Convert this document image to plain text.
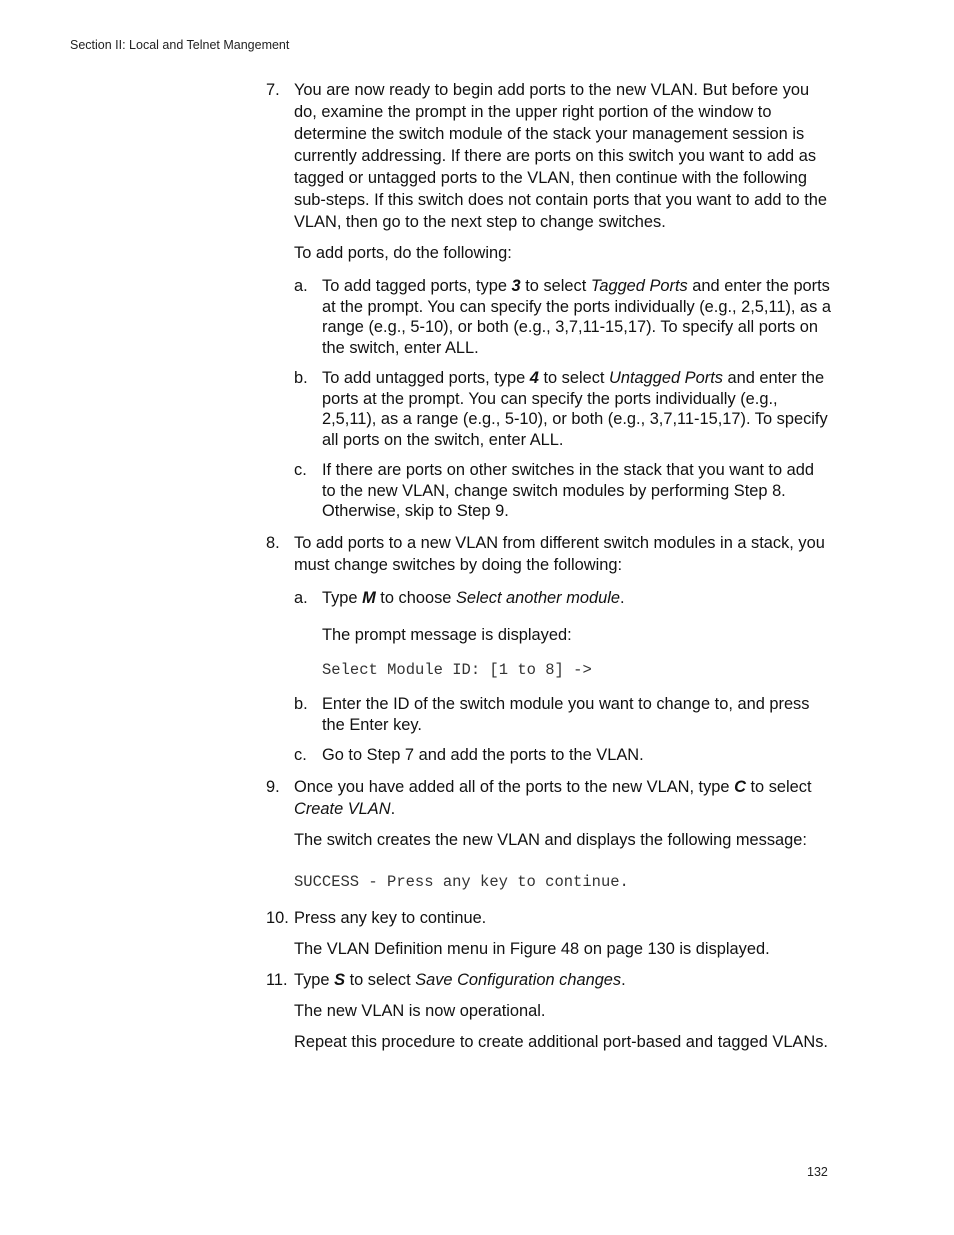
Section II: Local and Telnet Mangement
7. You are now ready to begin add ports to the new VLAN. But before you do, examine the prompt in the upper right portion of the window to determine the switch module of the stack your management session is currently addressing. If there are ports on this switch you want to add as tagged or untagged ports to the VLAN, then continue with the following sub-steps. If this switch does not contain ports that you want to add to the VLAN, then go to the next step to change switches.

To add ports, do the following:

a. To add tagged ports, type 3 to select Tagged Ports and enter the ports at the prompt. You can specify the ports individually (e.g., 2,5,11), as a range (e.g., 5-10), or both (e.g., 3,7,11-15,17). To specify all ports on the switch, enter ALL.
b. To add untagged ports, type 4 to select Untagged Ports and enter the ports at the prompt. You can specify the ports individually (e.g., 2,5,11), as a range (e.g., 5-10), or both (e.g., 3,7,11-15,17). To specify all ports on the switch, enter ALL.
c. If there are ports on other switches in the stack that you want to add to the new VLAN, change switch modules by performing Step 8. Otherwise, skip to Step 9.
8. To add ports to a new VLAN from different switch modules in a stack, you must change switches by doing the following:

a. Type M to choose Select another module.

The prompt message is displayed:

Select Module ID: [1 to 8] ->

b. Enter the ID of the switch module you want to change to, and press the Enter key.
c. Go to Step 7 and add the ports to the VLAN.
9. Once you have added all of the ports to the new VLAN, type C to select Create VLAN.

The switch creates the new VLAN and displays the following message:

SUCCESS - Press any key to continue.

10. Press any key to continue.

The VLAN Definition menu in Figure 48 on page 130 is displayed.

11. Type S to select Save Configuration changes.

The new VLAN is now operational.

Repeat this procedure to create additional port-based and tagged VLANs.

132
